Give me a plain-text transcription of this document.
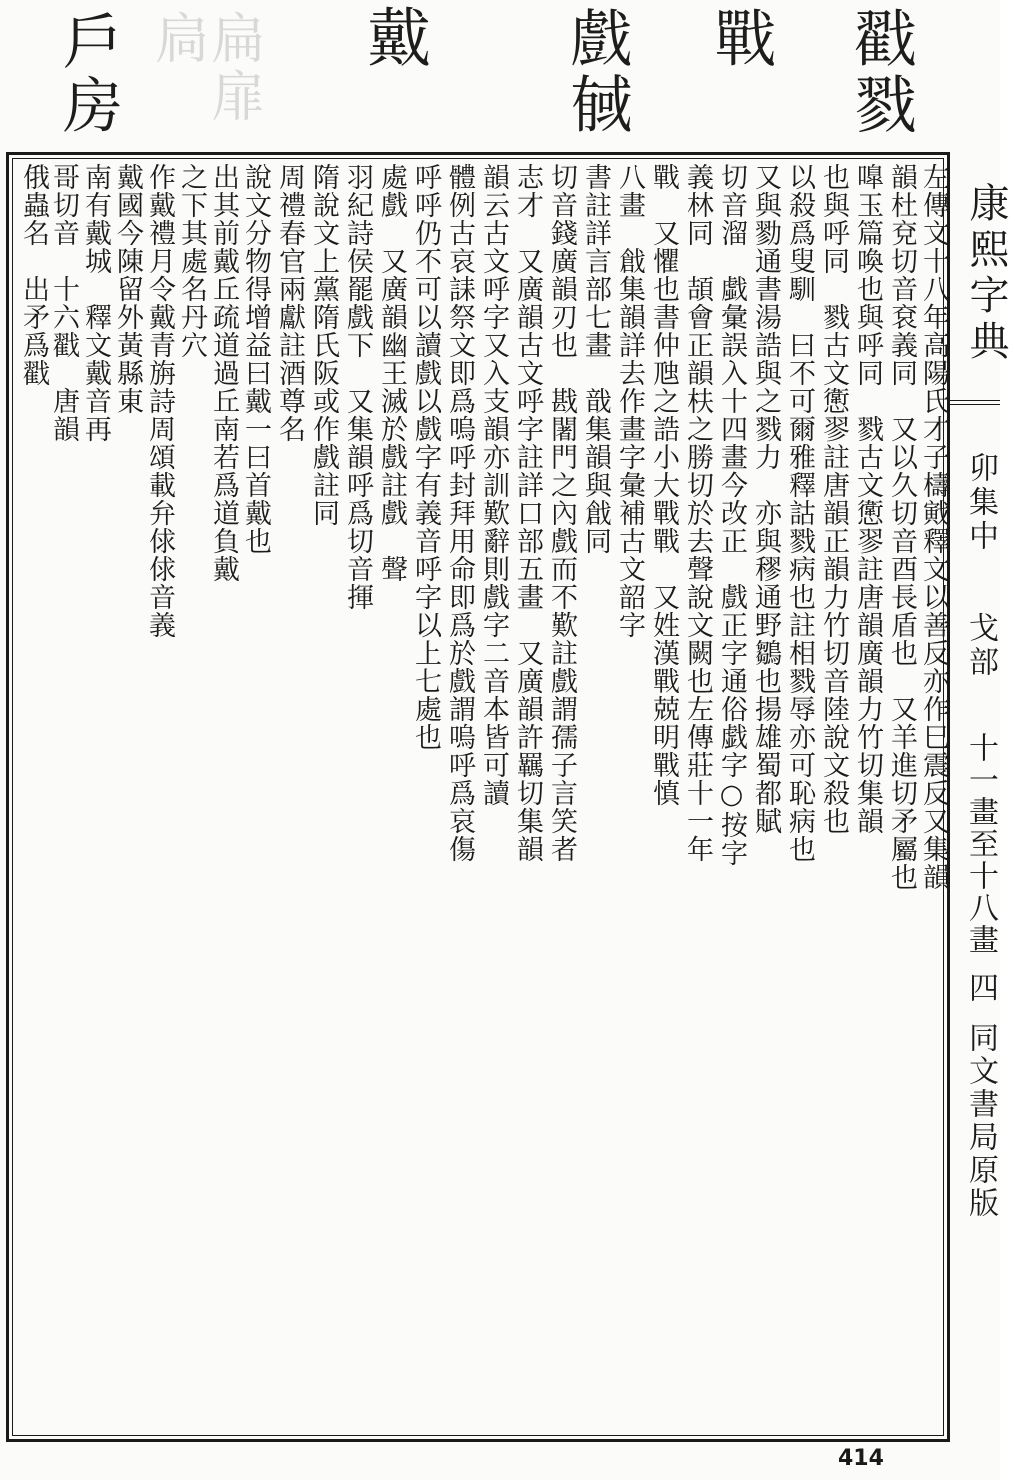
戳戮
戰
戲戫
戴
扁扉扃
戶房
康熙字典
卯集中
戈部
十一畫至十八畫
四
同文書局原版
左傳文十八年高陽氏才子檮戭釋文以善反亦作巳震反又集韻
韻杜兗切音袞義同　又以久切音酉長盾也　又羊進切矛屬也
嘷玉篇喚也與呼同　戮古文㦣翏註唐韻廣韻力竹切集韻
也與呼同　戮古文㦣翏註唐韻正韻力竹切音陸說文殺也
以殺爲叟馴　曰不可爾雅釋詁戮病也註相戮辱亦可恥病也
又與勠通書湯誥與之戮力　亦與穋通野鶵也揚雄蜀都賦
切音溜　戱彙誤入十四畫今改正　戲正字通俗戯字○按字
義林同　頡會正韻枎之勝切於去聲說文闕也左傳莊十一年
戰　又懼也書仲虺之誥小大戰戰　又姓漢戰兢明戰慎
八畫　戧集韻詳去作畫字彙補古文韶字
書註詳言部七畫　戠集韻與戧同
切音錢廣韻刃也　戡闍門之內戲而不歎註戲謂孺子言笑者
志才　又廣韻古文呼字註詳口部五畫　又廣韻許羈切集韻
韻云古文呼字又入支韻亦訓歎辭則戲字二音本皆可讀
體例古哀誄祭文即爲嗚呼封拜用命即爲於戲謂嗚呼爲哀傷
呼呼仍不可以讀戲以戲字有義音呼字以上七處也
處戲　又廣韻幽王滅於戲註戲　聲
羽紀詩侯罷戲下　又集韻呼爲切音揮
隋說文上黨隋氏阪或作戲註同
周禮春官兩獻註酒尊名
說文分物得增益曰戴一曰首戴也
出其前戴丘疏道過丘南若爲道負戴
之下其處名丹穴
作戴禮月令戴青旃詩周頌載弁俅俅音義
戴國今陳留外黃縣東
南有戴城　釋文戴音再
哥切音　十六戳　唐韻
俄蟲名　出矛爲戳
414
